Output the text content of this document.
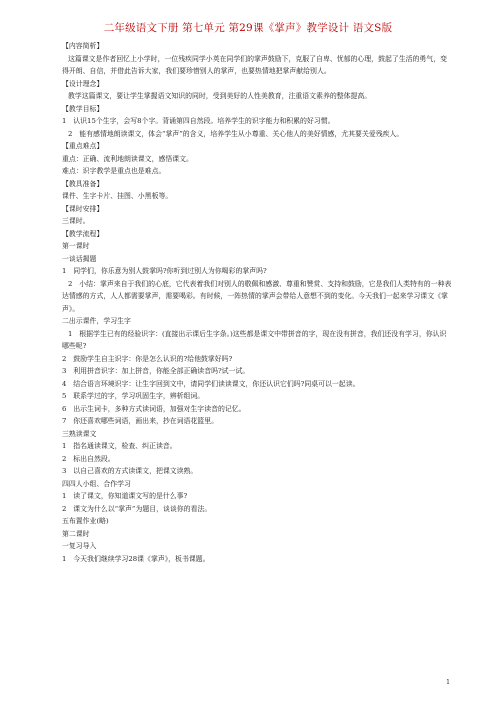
二年级语文下册 第七单元 第29课《掌声》教学设计 语文S版

【内容简析】

这篇课文是作者回忆上小学时，一位残疾同学小英在同学们的掌声鼓励下，克服了自卑、忧郁的心理，鼓起了生活的勇气，变得开朗、自信，并借此告诉大家，我们要珍惜别人的掌声，也要热情地把掌声献给别人。

【设计理念】

教学这篇课文，要让学生掌握语文知识的同时，受到美好的人性美教育，注重语文素养的整体提高。

【教学目标】

1　认识15个生字，会写8个字。背诵第四自然段。培养学生的识字能力和积累的好习惯。

2　能有感情地朗读课文，体会“掌声”的含义，培养学生从小尊重、关心他人的美好情感，尤其要关爱残疾人。

【重点难点】

重点：正确、流利地朗读课文，感悟课文。

难点：识字教学是重点也是难点。

【教具准备】

课件、生字卡片、挂图、小黑板等。

【课时安排】

三课时。

【教学流程】

第一课时

一谈话揭题

1　同学们，你乐意为别人鼓掌吗?你听到过别人为你喝彩的掌声吗?

2　小结：掌声来自于我们的心底，它代表着我们对别人的敬佩和感激、尊重和赞赏、支持和鼓励，它是我们人类特有的一种表达情感的方式，人人都需要掌声，需要喝彩。有时候，一阵热情的掌声会带给人意想不到的变化。今天我们一起来学习课文《掌声》。

二出示课件，学习生字

1　根据学生已有的经验识字：(直接出示课后生字条。)这些都是课文中带拼音的字，现在没有拼音，我们还没有学习，你认识哪些呢?

2　鼓励学生自主识字：你是怎么认识的?给他鼓掌好吗?

3　利用拼音识字：加上拼音，你能全部正确读音吗?试一试。

4　结合语言环境识字：让生字回到文中，请同学们读读课文，你还认识它们吗?同桌可以一起读。

5　联系学过的字，学习巩固生字，辨析组词。

6　出示生词卡，多种方式读词语，加强对生字读音的记忆。

7　你还喜欢哪些词语，画出来，抄在词语花篮里。

三熟读课文

1　指名通读课文，检查、纠正读音。

2　标出自然段。

3　以自己喜欢的方式读课文，把课文读熟。

四四人小组、合作学习

1　读了课文，你知道课文写的是什么事?

2　课文为什么以“掌声”为题目，谈谈你的看法。

五布置作业(略)

第二课时

一复习导入

1　今天我们继续学习28课《掌声》，板书课题。

1
